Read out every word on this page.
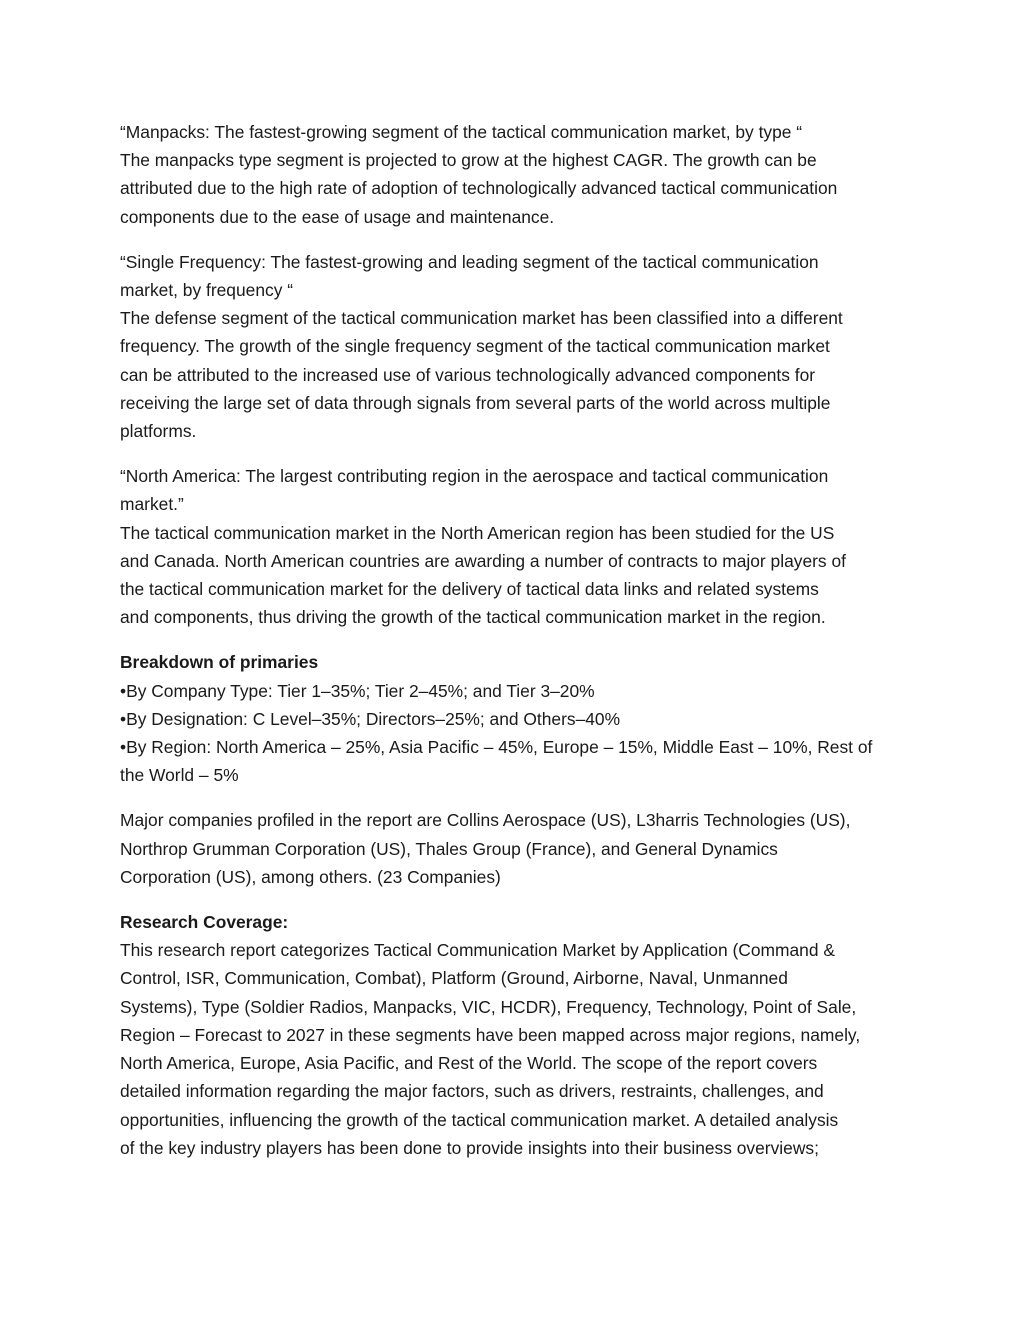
“Manpacks: The fastest-growing segment of the tactical communication market, by type “
The manpacks type segment is projected to grow at the highest CAGR. The growth can be
attributed due to the high rate of adoption of technologically advanced tactical communication
components due to the ease of usage and maintenance.
“Single Frequency: The fastest-growing and leading segment of the tactical communication
market, by frequency “
The defense segment of the tactical communication market has been classified into a different
frequency. The growth of the single frequency segment of the tactical communication market
can be attributed to the increased use of various technologically advanced components for
receiving the large set of data through signals from several parts of the world across multiple
platforms.
“North America: The largest contributing region in the aerospace and tactical communication
market.”
The tactical communication market in the North American region has been studied for the US
and Canada. North American countries are awarding a number of contracts to major players of
the tactical communication market for the delivery of tactical data links and related systems
and components, thus driving the growth of the tactical communication market in the region.
Breakdown of primaries
•By Company Type: Tier 1–35%; Tier 2–45%; and Tier 3–20%
•By Designation: C Level–35%; Directors–25%; and Others–40%
•By Region: North America – 25%, Asia Pacific – 45%, Europe – 15%, Middle East – 10%, Rest of
the World – 5%
Major companies profiled in the report are Collins Aerospace (US), L3harris Technologies (US),
Northrop Grumman Corporation (US), Thales Group (France), and General Dynamics
Corporation (US), among others. (23 Companies)
Research Coverage:
This research report categorizes Tactical Communication Market by Application (Command &
Control, ISR, Communication, Combat), Platform (Ground, Airborne, Naval, Unmanned
Systems), Type (Soldier Radios, Manpacks, VIC, HCDR), Frequency, Technology, Point of Sale,
Region – Forecast to 2027 in these segments have been mapped across major regions, namely,
North America, Europe, Asia Pacific, and Rest of the World. The scope of the report covers
detailed information regarding the major factors, such as drivers, restraints, challenges, and
opportunities, influencing the growth of the tactical communication market. A detailed analysis
of the key industry players has been done to provide insights into their business overviews;
